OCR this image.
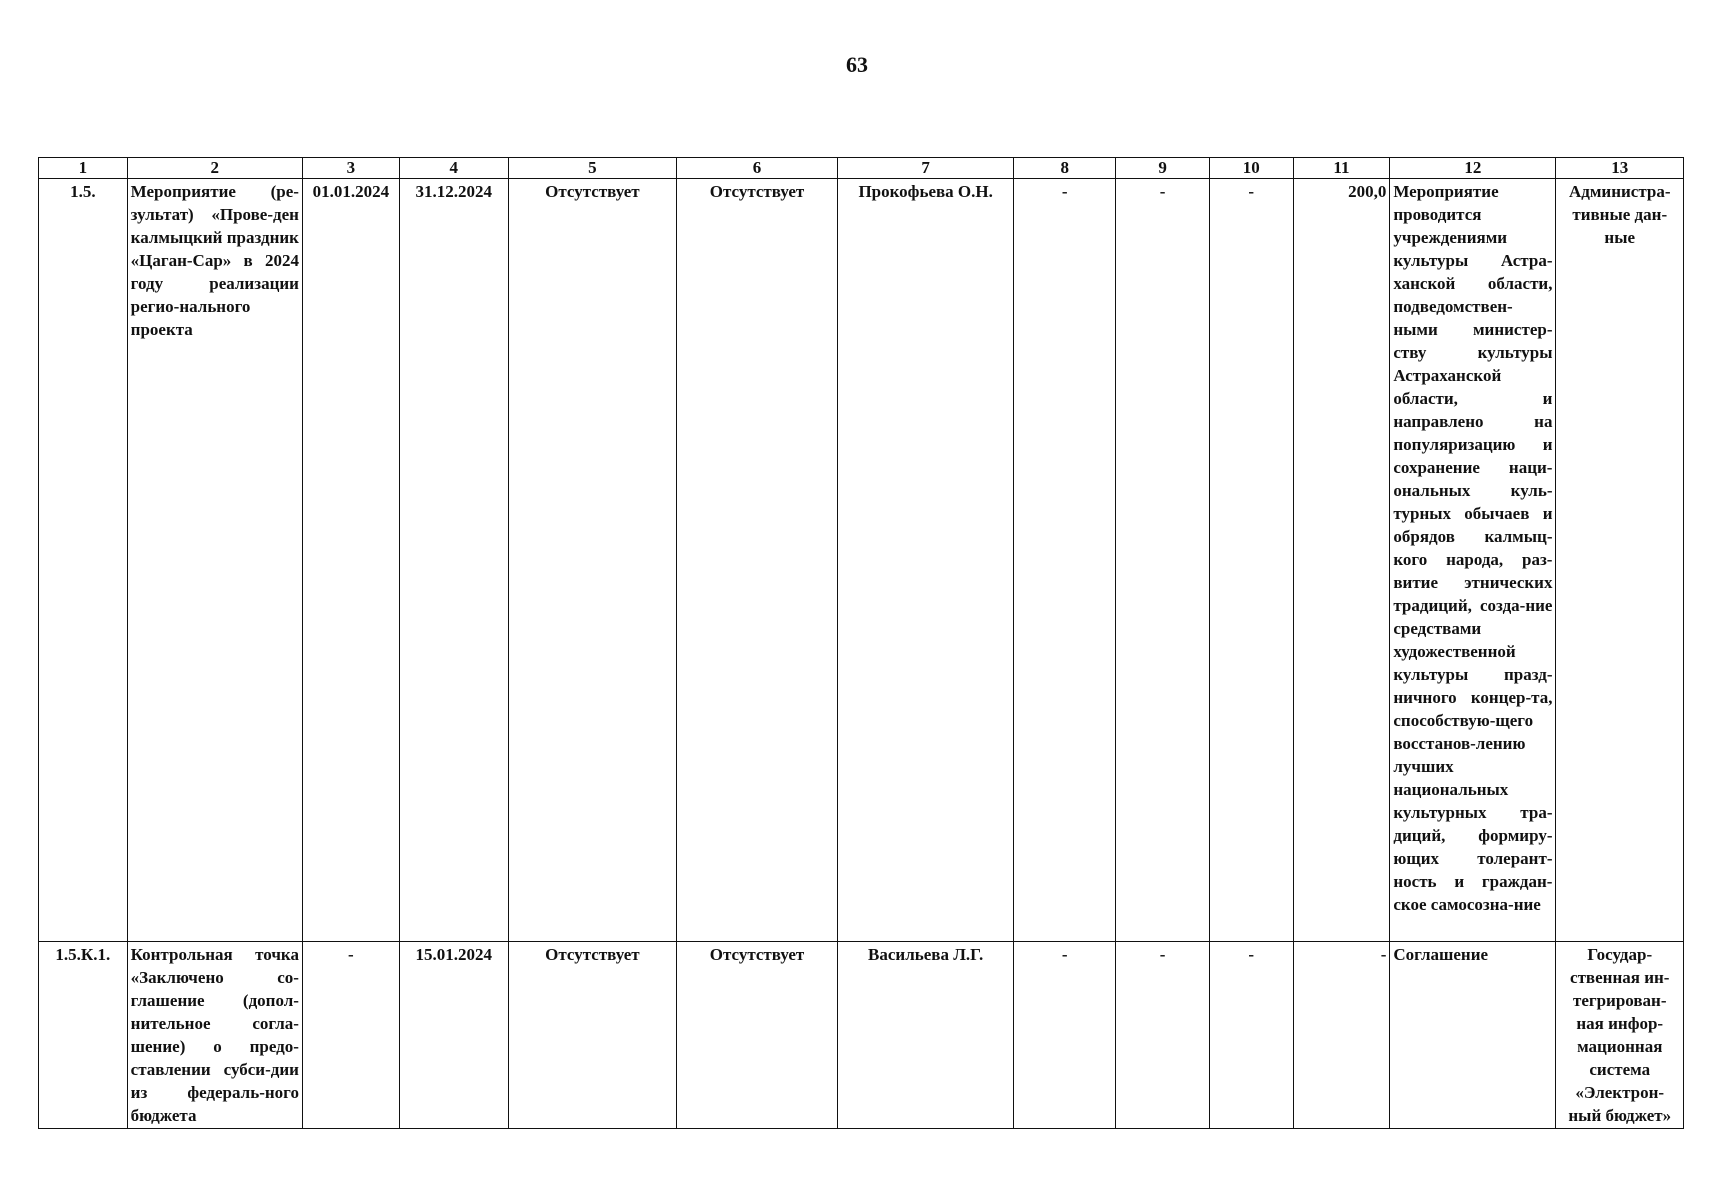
63
1	2	3	4	5	6	7	8	9	10	11	12	13
1.5.	Мероприятие (ре-зультат) «Прове-ден калмыцкий праздник «Цаган-Сар» в 2024 году реализации регио-нального проекта	01.01.2024	31.12.2024	Отсутствует	Отсутствует	Прокофьева О.Н.	-	-	-	200,0	Мероприятие проводится учреждениями культуры Астра-ханской области, подведомствен-ными министер-ству культуры Астраханской области, и направлено на популяризацию и сохранение наци-ональных куль-турных обычаев и обрядов калмыц-кого народа, раз-витие этнических традиций, созда-ние средствами художественной культуры празд-ничного концер-та, способствую-щего восстанов-лению лучших национальных культурных тра-диций, формиру-ющих толерант-ность и граждан-ское самосозна-ние	Администра-тивные дан-ные
1.5.К.1.	Контрольная точка «Заключено со-глашение (допол-нительное согла-шение) о предо-ставлении субси-дии из федераль-ного бюджета	-	15.01.2024	Отсутствует	Отсутствует	Васильева Л.Г.	-	-	-	-	Соглашение	Государ-ственная ин-тегрирован-ная инфор-мационная система «Электрон-ный бюджет»
